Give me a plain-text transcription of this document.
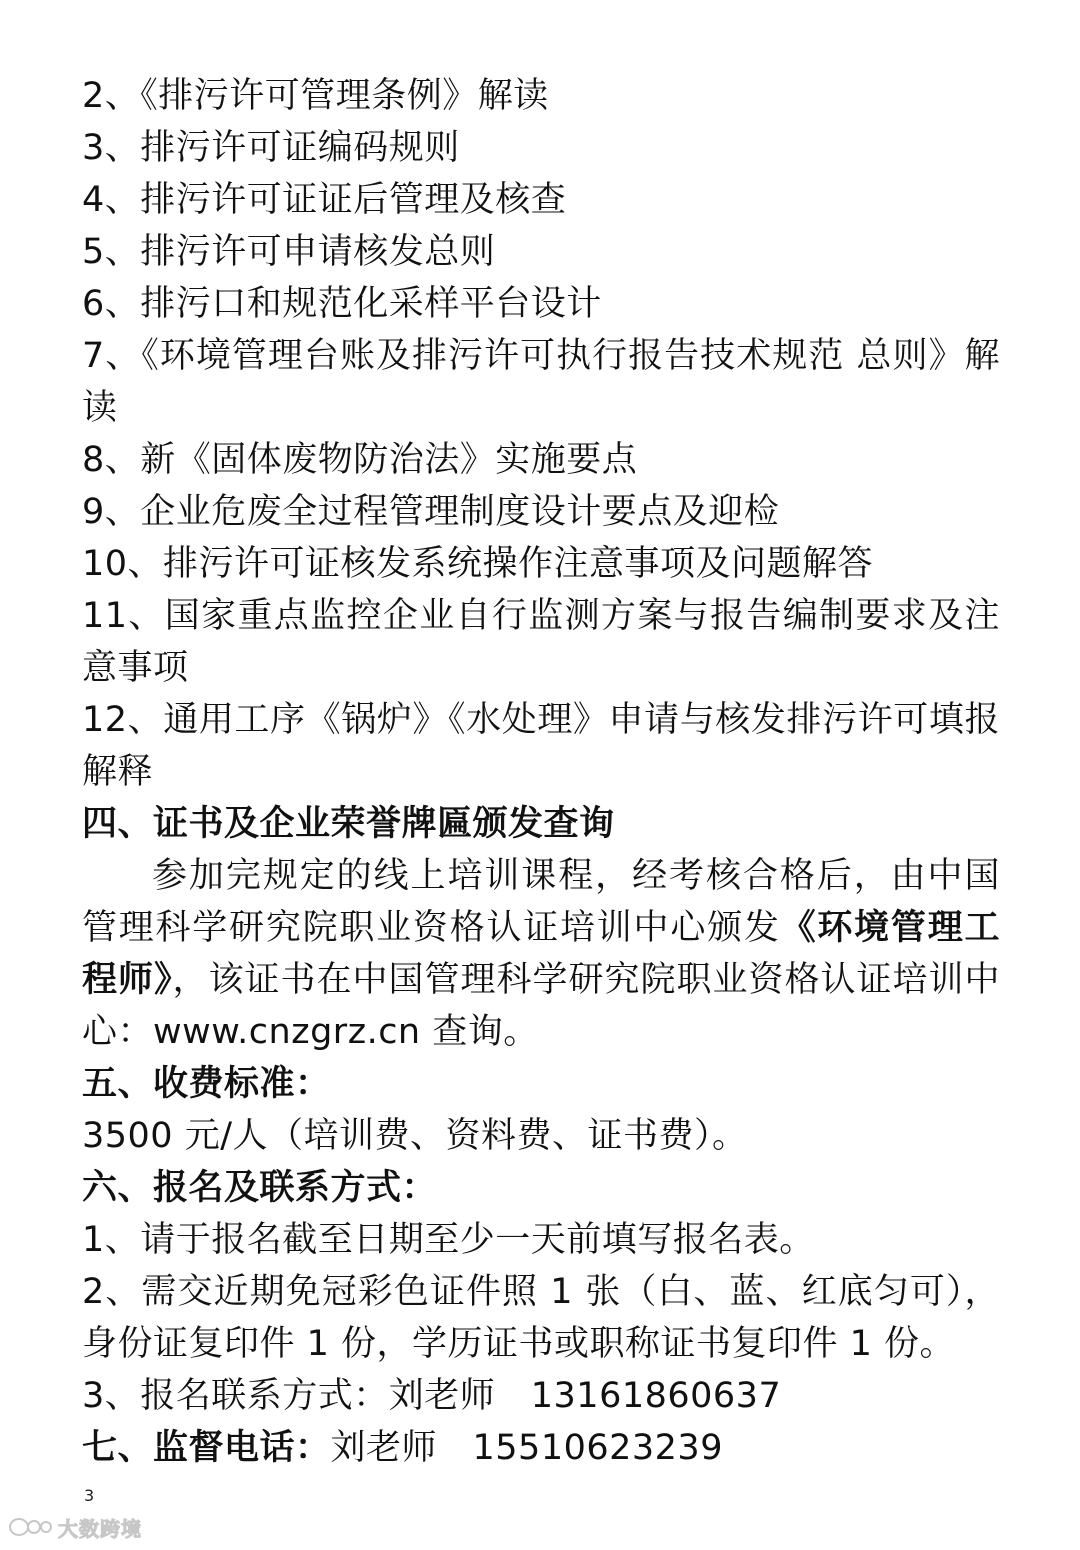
2、《排污许可管理条例》解读
3、排污许可证编码规则
4、排污许可证证后管理及核查
5、排污许可申请核发总则
6、排污口和规范化采样平台设计
7、《环境管理台账及排污许可执行报告技术规范 总则》解读
8、新《固体废物防治法》实施要点
9、企业危废全过程管理制度设计要点及迎检
10、排污许可证核发系统操作注意事项及问题解答
11、国家重点监控企业自行监测方案与报告编制要求及注意事项
12、通用工序《锅炉》《水处理》申请与核发排污许可填报解释
四、证书及企业荣誉牌匾颁发查询
参加完规定的线上培训课程，经考核合格后，由中国管理科学研究院职业资格认证培训中心颁发《环境管理工程师》，该证书在中国管理科学研究院职业资格认证培训中心：www.cnzgrz.cn 查询。
五、收费标准：
3500 元/人（培训费、资料费、证书费）。
六、报名及联系方式：
1、请于报名截至日期至少一天前填写报名表。
2、需交近期免冠彩色证件照 1 张（白、蓝、红底匀可），身份证复印件 1 份，学历证书或职称证书复印件 1 份。
3、报名联系方式：刘老师　13161860637
七、监督电话：刘老师　15510623239
3
大数跨境
